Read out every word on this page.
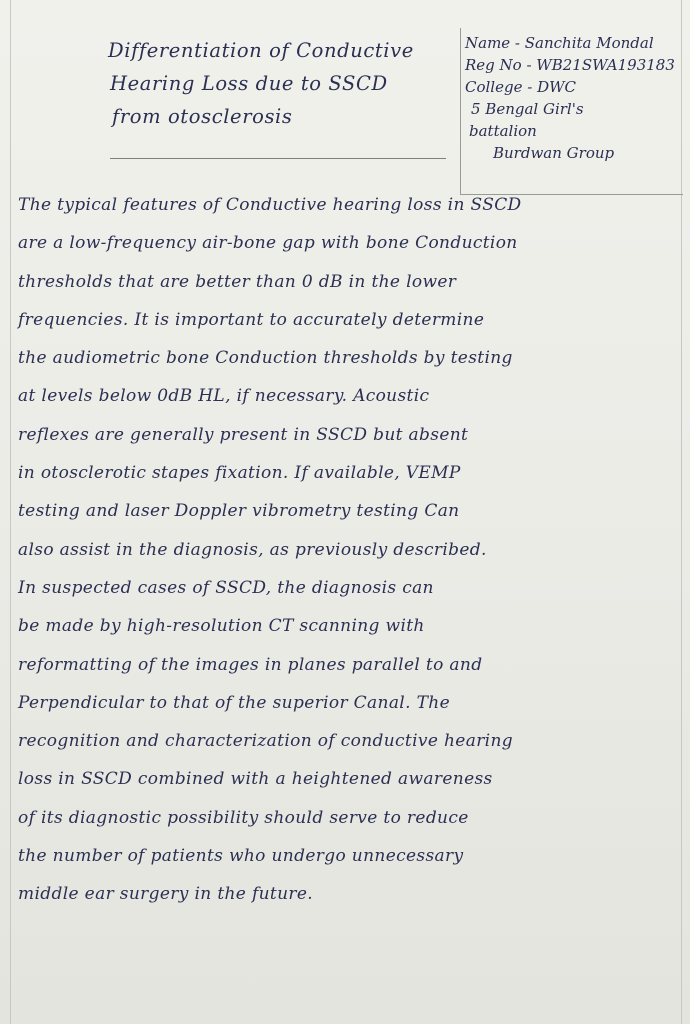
Differentiation of Conductive
Hearing Loss due to SSCD
from otosclerosis
Name - Sanchita Mondal
Reg No - WB21SWA193183
College - DWC
5 Bengal Girl's
battalion
Burdwan Group
The typical features of Conductive hearing loss in SSCD
are a low-frequency air-bone gap with bone Conduction
thresholds that are better than 0 dB in the lower
frequencies. It is important to accurately determine
the audiometric bone Conduction thresholds by testing
at levels below 0dB HL, if necessary. Acoustic
reflexes are generally present in SSCD but absent
in otosclerotic stapes fixation. If available, VEMP
testing and laser Doppler vibrometry testing Can
also assist in the diagnosis, as previously described.
In suspected cases of SSCD, the diagnosis can
be made by high-resolution CT scanning with
reformatting of the images in planes parallel to and
Perpendicular to that of the superior Canal. The
recognition and characterization of conductive hearing
loss in SSCD combined with a heightened awareness
of its diagnostic possibility should serve to reduce
the number of patients who undergo unnecessary
middle ear surgery in the future.
